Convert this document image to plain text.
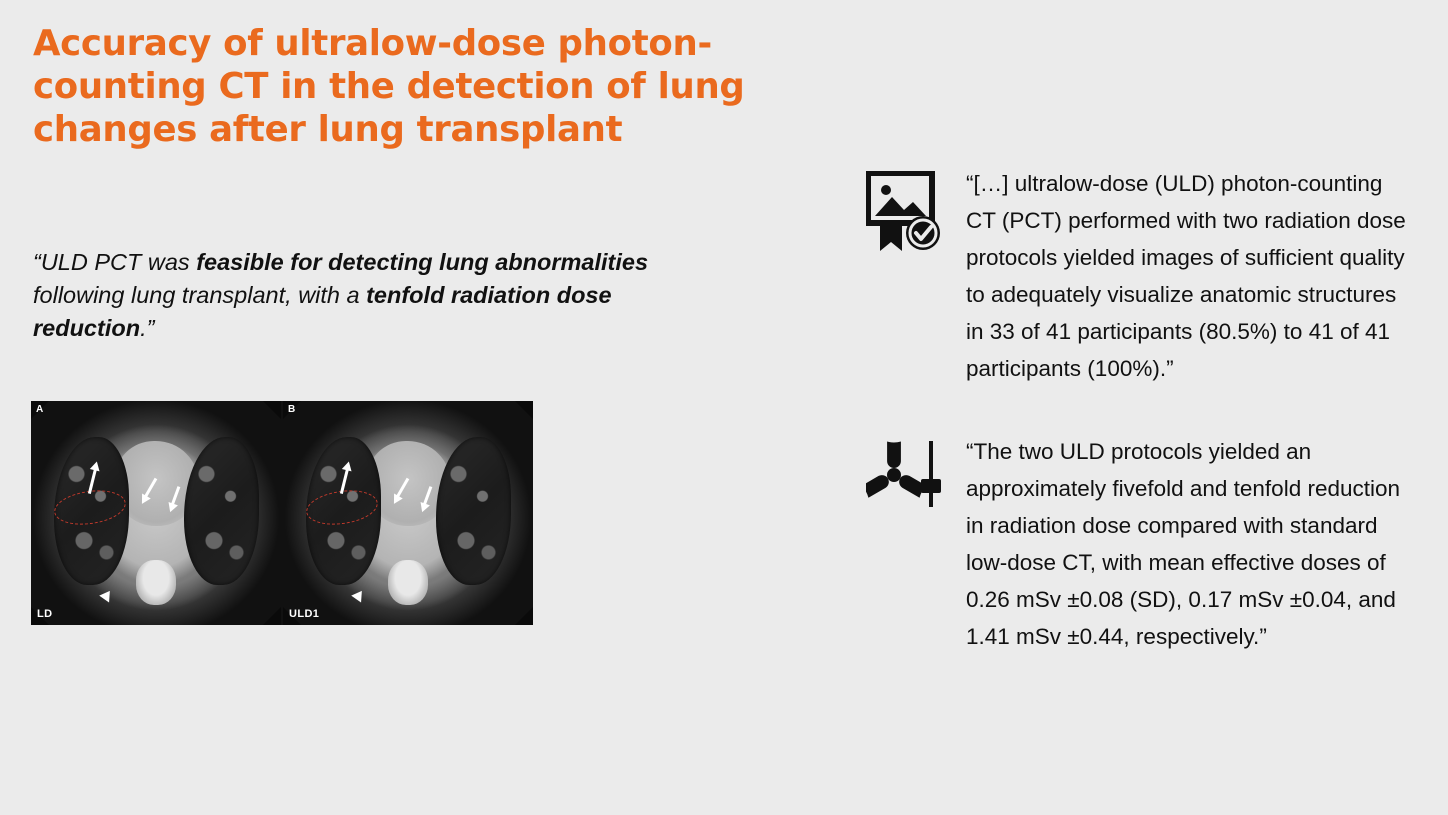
Accuracy of ultralow-dose photon-counting CT in the detection of lung changes after lung transplant
“ULD PCT was feasible for detecting lung abnormalities following lung transplant, with a tenfold radiation dose reduction.”
A
LD
B
ULD1
“[…] ultralow-dose (ULD) photon-counting CT (PCT) performed with two radiation dose protocols yielded images of sufficient quality to adequately visualize anatomic structures in 33 of 41 participants (80.5%) to 41 of 41 participants (100%).”
“The two ULD protocols yielded an approximately fivefold and tenfold reduction in radiation dose compared with standard low-dose CT, with mean effective doses of 0.26 mSv ±0.08 (SD), 0.17 mSv ±0.04, and 1.41 mSv ±0.44, respectively.”
